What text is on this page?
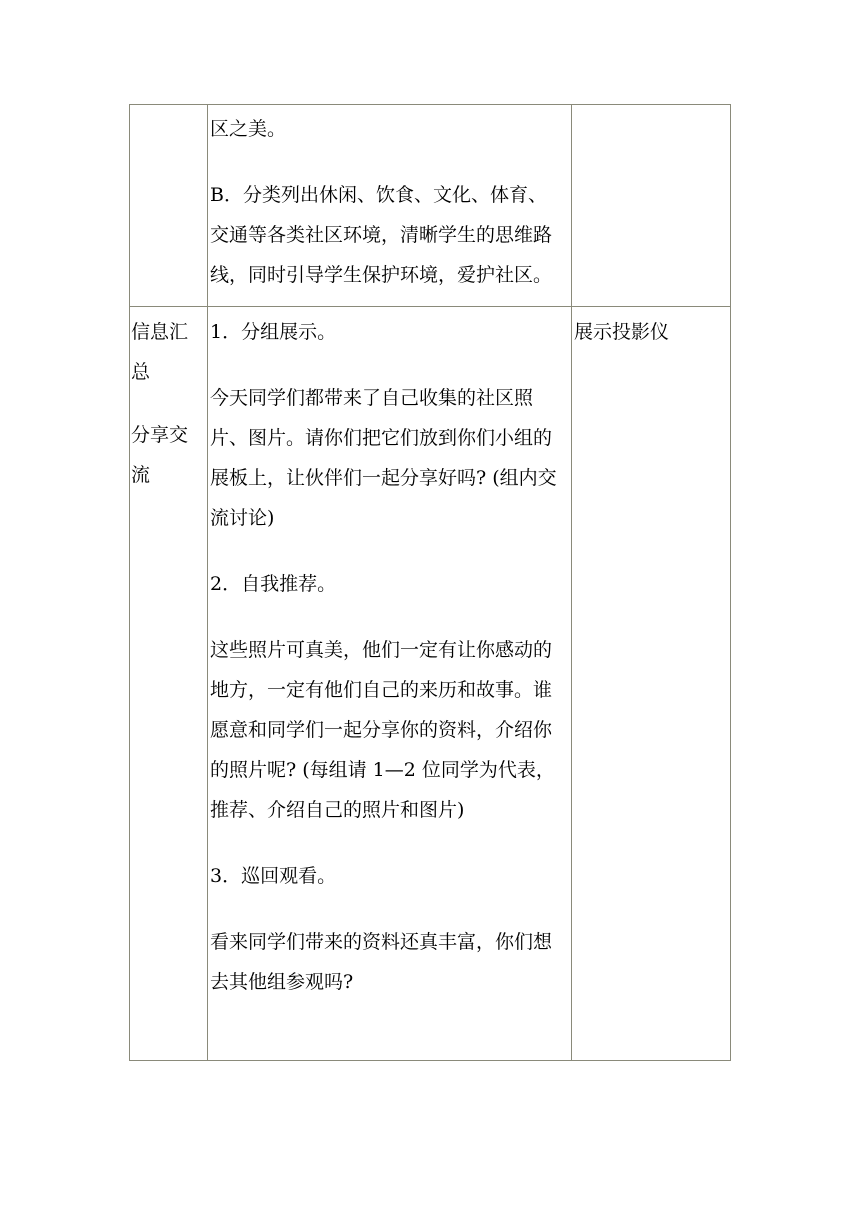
区之美。

B．分类列出休闲、饮食、文化、体育、
交通等各类社区环境，清晰学生的思维路
线，同时引导学生保护环境，爱护社区。

信息汇
总

分享交
流

1．分组展示。

今天同学们都带来了自己收集的社区照
片、图片。请你们把它们放到你们小组的
展板上，让伙伴们一起分享好吗? (组内交
流讨论)

2．自我推荐。

这些照片可真美，他们一定有让你感动的
地方，一定有他们自己的来历和故事。谁
愿意和同学们一起分享你的资料，介绍你
的照片呢? (每组请 1—2 位同学为代表，
推荐、介绍自己的照片和图片)

3．巡回观看。

看来同学们带来的资料还真丰富，你们想
去其他组参观吗?

展示投影仪
